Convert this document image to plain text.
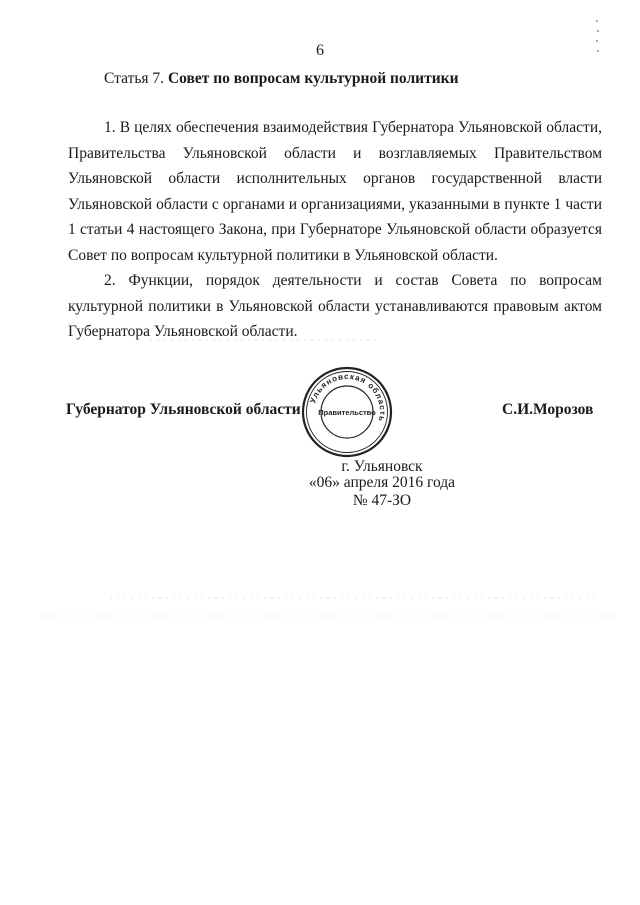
6
Статья 7. Совет по вопросам культурной политики

1. В целях обеспечения взаимодействия Губернатора Ульяновской области, Правительства Ульяновской области и возглавляемых Правительством Ульяновской области исполнительных органов государственной власти Ульяновской области с органами и организациями, указанными в пункте 1 части 1 статьи 4 настоящего Закона, при Губернаторе Ульяновской области образуется Совет по вопросам культурной политики в Ульяновской области.

2. Функции, порядок деятельности и состав Совета по вопросам культурной политики в Ульяновской области устанавливаются правовым актом Губернатора Ульяновской области.

Губернатор Ульяновской области	С.И.Морозов
Ульяновская область
Правительство
г. Ульяновск
«06» апреля 2016 года
№ 47-ЗО
